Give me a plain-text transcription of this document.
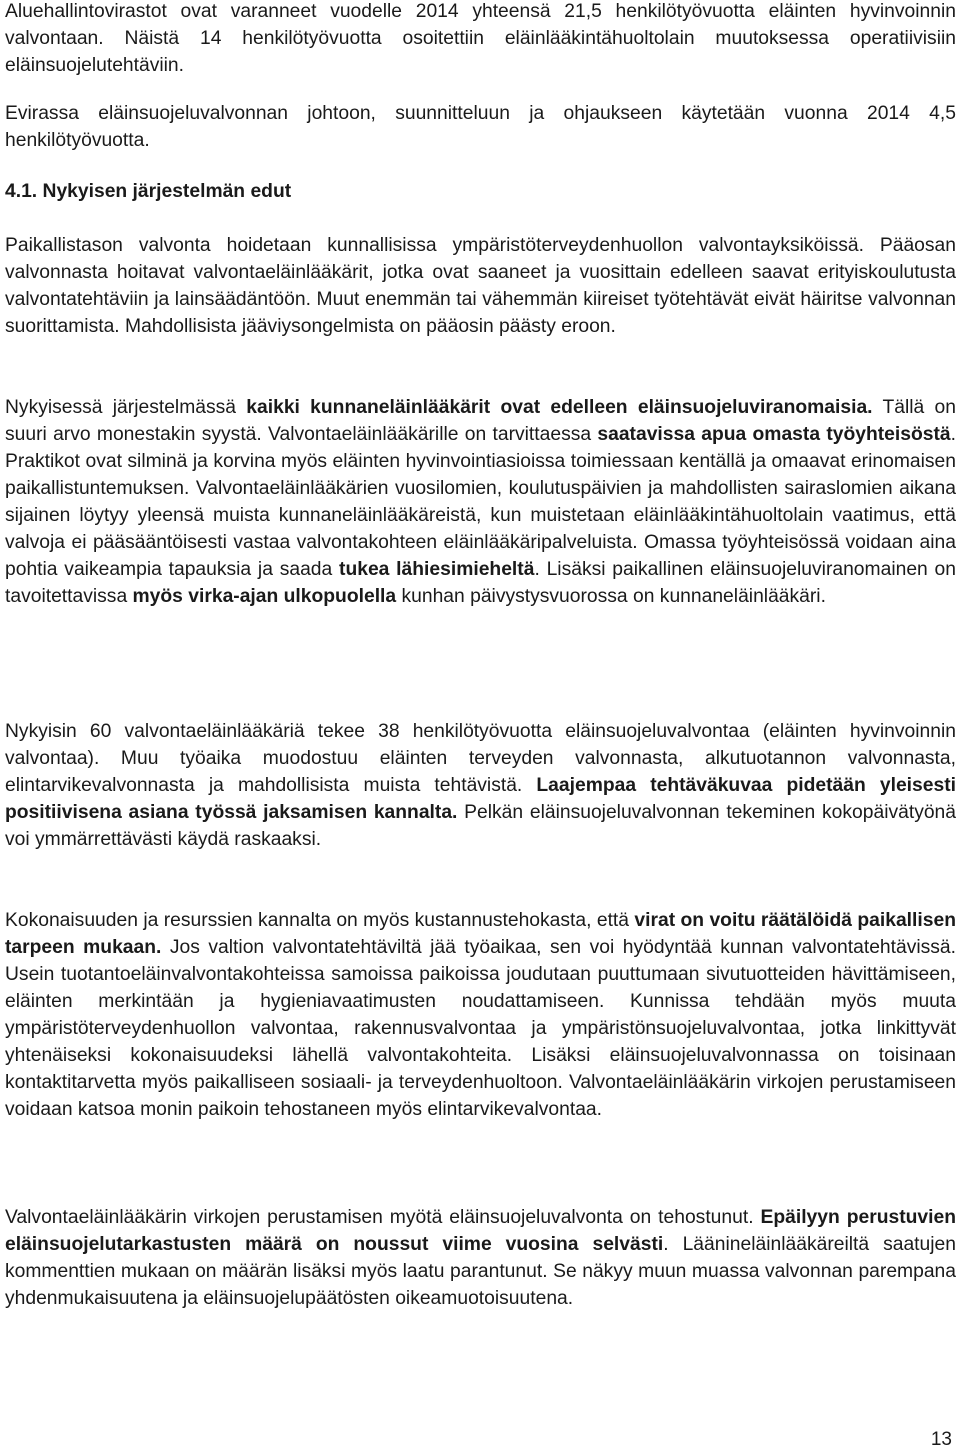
Aluehallintovirastot ovat varanneet vuodelle 2014 yhteensä 21,5 henkilötyövuotta eläinten hyvinvoinnin valvontaan. Näistä 14 henkilötyövuotta osoitettiin eläinlääkintähuoltolain muutoksessa operatiivisiin eläinsuojelutehtäviin.

Evirassa eläinsuojeluvalvonnan johtoon, suunnitteluun ja ohjaukseen käytetään vuonna 2014 4,5 henkilötyövuotta.

4.1. Nykyisen järjestelmän edut

Paikallistason valvonta hoidetaan kunnallisissa ympäristöterveydenhuollon valvontayksiköissä. Pääosan valvonnasta hoitavat valvontaeläinlääkärit, jotka ovat saaneet ja vuosittain edelleen saavat erityiskoulutusta valvontatehtäviin ja lainsäädäntöön. Muut enemmän tai vähemmän kiireiset työtehtävät eivät häiritse valvonnan suorittamista. Mahdollisista jääviysongelmista on pääosin päästy eroon.

Nykyisessä järjestelmässä kaikki kunnaneläinlääkärit ovat edelleen eläinsuojeluviranomaisia. Tällä on suuri arvo monestakin syystä. Valvontaeläinlääkärille on tarvittaessa saatavissa apua omasta työyhteisöstä. Praktikot ovat silminä ja korvina myös eläinten hyvinvointiasioissa toimiessaan kentällä ja omaavat erinomaisen paikallistuntemuksen. Valvontaeläinlääkärien vuosilomien, koulutuspäivien ja mahdollisten sairaslomien aikana sijainen löytyy yleensä muista kunnaneläinlääkäreistä, kun muistetaan eläinlääkintähuoltolain vaatimus, että valvoja ei pääsääntöisesti vastaa valvontakohteen eläinlääkäripalveluista. Omassa työyhteisössä voidaan aina pohtia vaikeampia tapauksia ja saada tukea lähiesimieheltä. Lisäksi paikallinen eläinsuojeluviranomainen on tavoitettavissa myös virka-ajan ulkopuolella kunhan päivystysvuorossa on kunnaneläinlääkäri.

Nykyisin 60 valvontaeläinlääkäriä tekee 38 henkilötyövuotta eläinsuojeluvalvontaa (eläinten hyvinvoinnin valvontaa). Muu työaika muodostuu eläinten terveyden valvonnasta, alkutuotannon valvonnasta, elintarvikevalvonnasta ja mahdollisista muista tehtävistä. Laajempaa tehtäväkuvaa pidetään yleisesti positiivisena asiana työssä jaksamisen kannalta. Pelkän eläinsuojeluvalvonnan tekeminen kokopäivätyönä voi ymmärrettävästi käydä raskaaksi.

Kokonaisuuden ja resurssien kannalta on myös kustannustehokasta, että virat on voitu räätälöidä paikallisen tarpeen mukaan. Jos valtion valvontatehtäviltä jää työaikaa, sen voi hyödyntää kunnan valvontatehtävissä. Usein tuotantoeläinvalvontakohteissa samoissa paikoissa joudutaan puuttumaan sivutuotteiden hävittämiseen, eläinten merkintään ja hygieniavaatimusten noudattamiseen. Kunnissa tehdään myös muuta ympäristöterveydenhuollon valvontaa, rakennusvalvontaa ja ympäristönsuojeluvalvontaa, jotka linkittyvät yhtenäiseksi kokonaisuudeksi lähellä valvontakohteita. Lisäksi eläinsuojeluvalvonnassa on toisinaan kontaktitarvetta myös paikalliseen sosiaali- ja terveydenhuoltoon. Valvontaeläinlääkärin virkojen perustamiseen voidaan katsoa monin paikoin tehostaneen myös elintarvikevalvontaa.

Valvontaeläinlääkärin virkojen perustamisen myötä eläinsuojeluvalvonta on tehostunut. Epäilyyn perustuvien eläinsuojelutarkastusten määrä on noussut viime vuosina selvästi. Läänineläinlääkäreiltä saatujen kommenttien mukaan on määrän lisäksi myös laatu parantunut. Se näkyy muun muassa valvonnan parempana yhdenmukaisuutena ja eläinsuojelupäätösten oikeamuotoisuutena.

13
